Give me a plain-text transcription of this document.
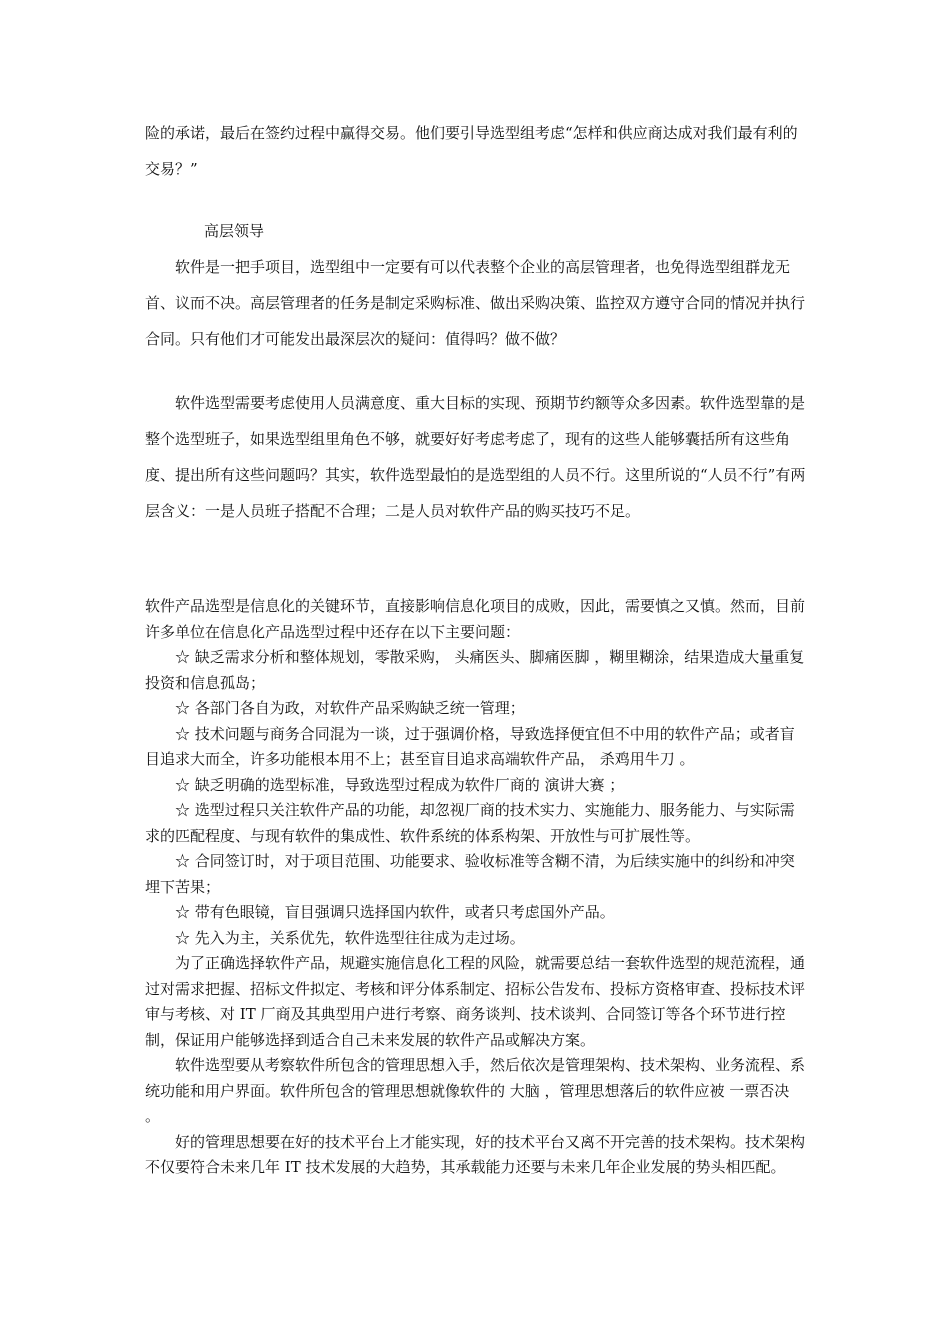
险的承诺，最后在签约过程中赢得交易。他们要引导选型组考虑“怎样和供应商达成对我们最有利的交易？”

高层领导

软件是一把手项目，选型组中一定要有可以代表整个企业的高层管理者，也免得选型组群龙无首、议而不决。高层管理者的任务是制定采购标准、做出采购决策、监控双方遵守合同的情况并执行合同。只有他们才可能发出最深层次的疑问：值得吗？做不做？

软件选型需要考虑使用人员满意度、重大目标的实现、预期节约额等众多因素。软件选型靠的是整个选型班子，如果选型组里角色不够，就要好好考虑考虑了，现有的这些人能够囊括所有这些角度、提出所有这些问题吗？其实，软件选型最怕的是选型组的人员不行。这里所说的“人员不行”有两层含义：一是人员班子搭配不合理；二是人员对软件产品的购买技巧不足。

软件产品选型是信息化的关键环节，直接影响信息化项目的成败，因此，需要慎之又慎。然而，目前许多单位在信息化产品选型过程中还存在以下主要问题：

☆ 缺乏需求分析和整体规划，零散采购， 头痛医头、脚痛医脚 ，糊里糊涂，结果造成大量重复投资和信息孤岛；

☆ 各部门各自为政，对软件产品采购缺乏统一管理；

☆ 技术问题与商务合同混为一谈，过于强调价格，导致选择便宜但不中用的软件产品；或者盲目追求大而全，许多功能根本用不上；甚至盲目追求高端软件产品， 杀鸡用牛刀 。

☆ 缺乏明确的选型标准，导致选型过程成为软件厂商的 演讲大赛 ；

☆ 选型过程只关注软件产品的功能，却忽视厂商的技术实力、实施能力、服务能力、与实际需求的匹配程度、与现有软件的集成性、软件系统的体系构架、开放性与可扩展性等。

☆ 合同签订时，对于项目范围、功能要求、验收标准等含糊不清，为后续实施中的纠纷和冲突埋下苦果；

☆ 带有色眼镜，盲目强调只选择国内软件，或者只考虑国外产品。

☆ 先入为主，关系优先，软件选型往往成为走过场。

为了正确选择软件产品，规避实施信息化工程的风险，就需要总结一套软件选型的规范流程，通过对需求把握、招标文件拟定、考核和评分体系制定、招标公告发布、投标方资格审查、投标技术评审与考核、对 IT 厂商及其典型用户进行考察、商务谈判、技术谈判、合同签订等各个环节进行控制，保证用户能够选择到适合自己未来发展的软件产品或解决方案。

软件选型要从考察软件所包含的管理思想入手，然后依次是管理架构、技术架构、业务流程、系统功能和用户界面。软件所包含的管理思想就像软件的 大脑 ，管理思想落后的软件应被 一票否决 。

好的管理思想要在好的技术平台上才能实现，好的技术平台又离不开完善的技术架构。技术架构不仅要符合未来几年 IT 技术发展的大趋势，其承载能力还要与未来几年企业发展的势头相匹配。
